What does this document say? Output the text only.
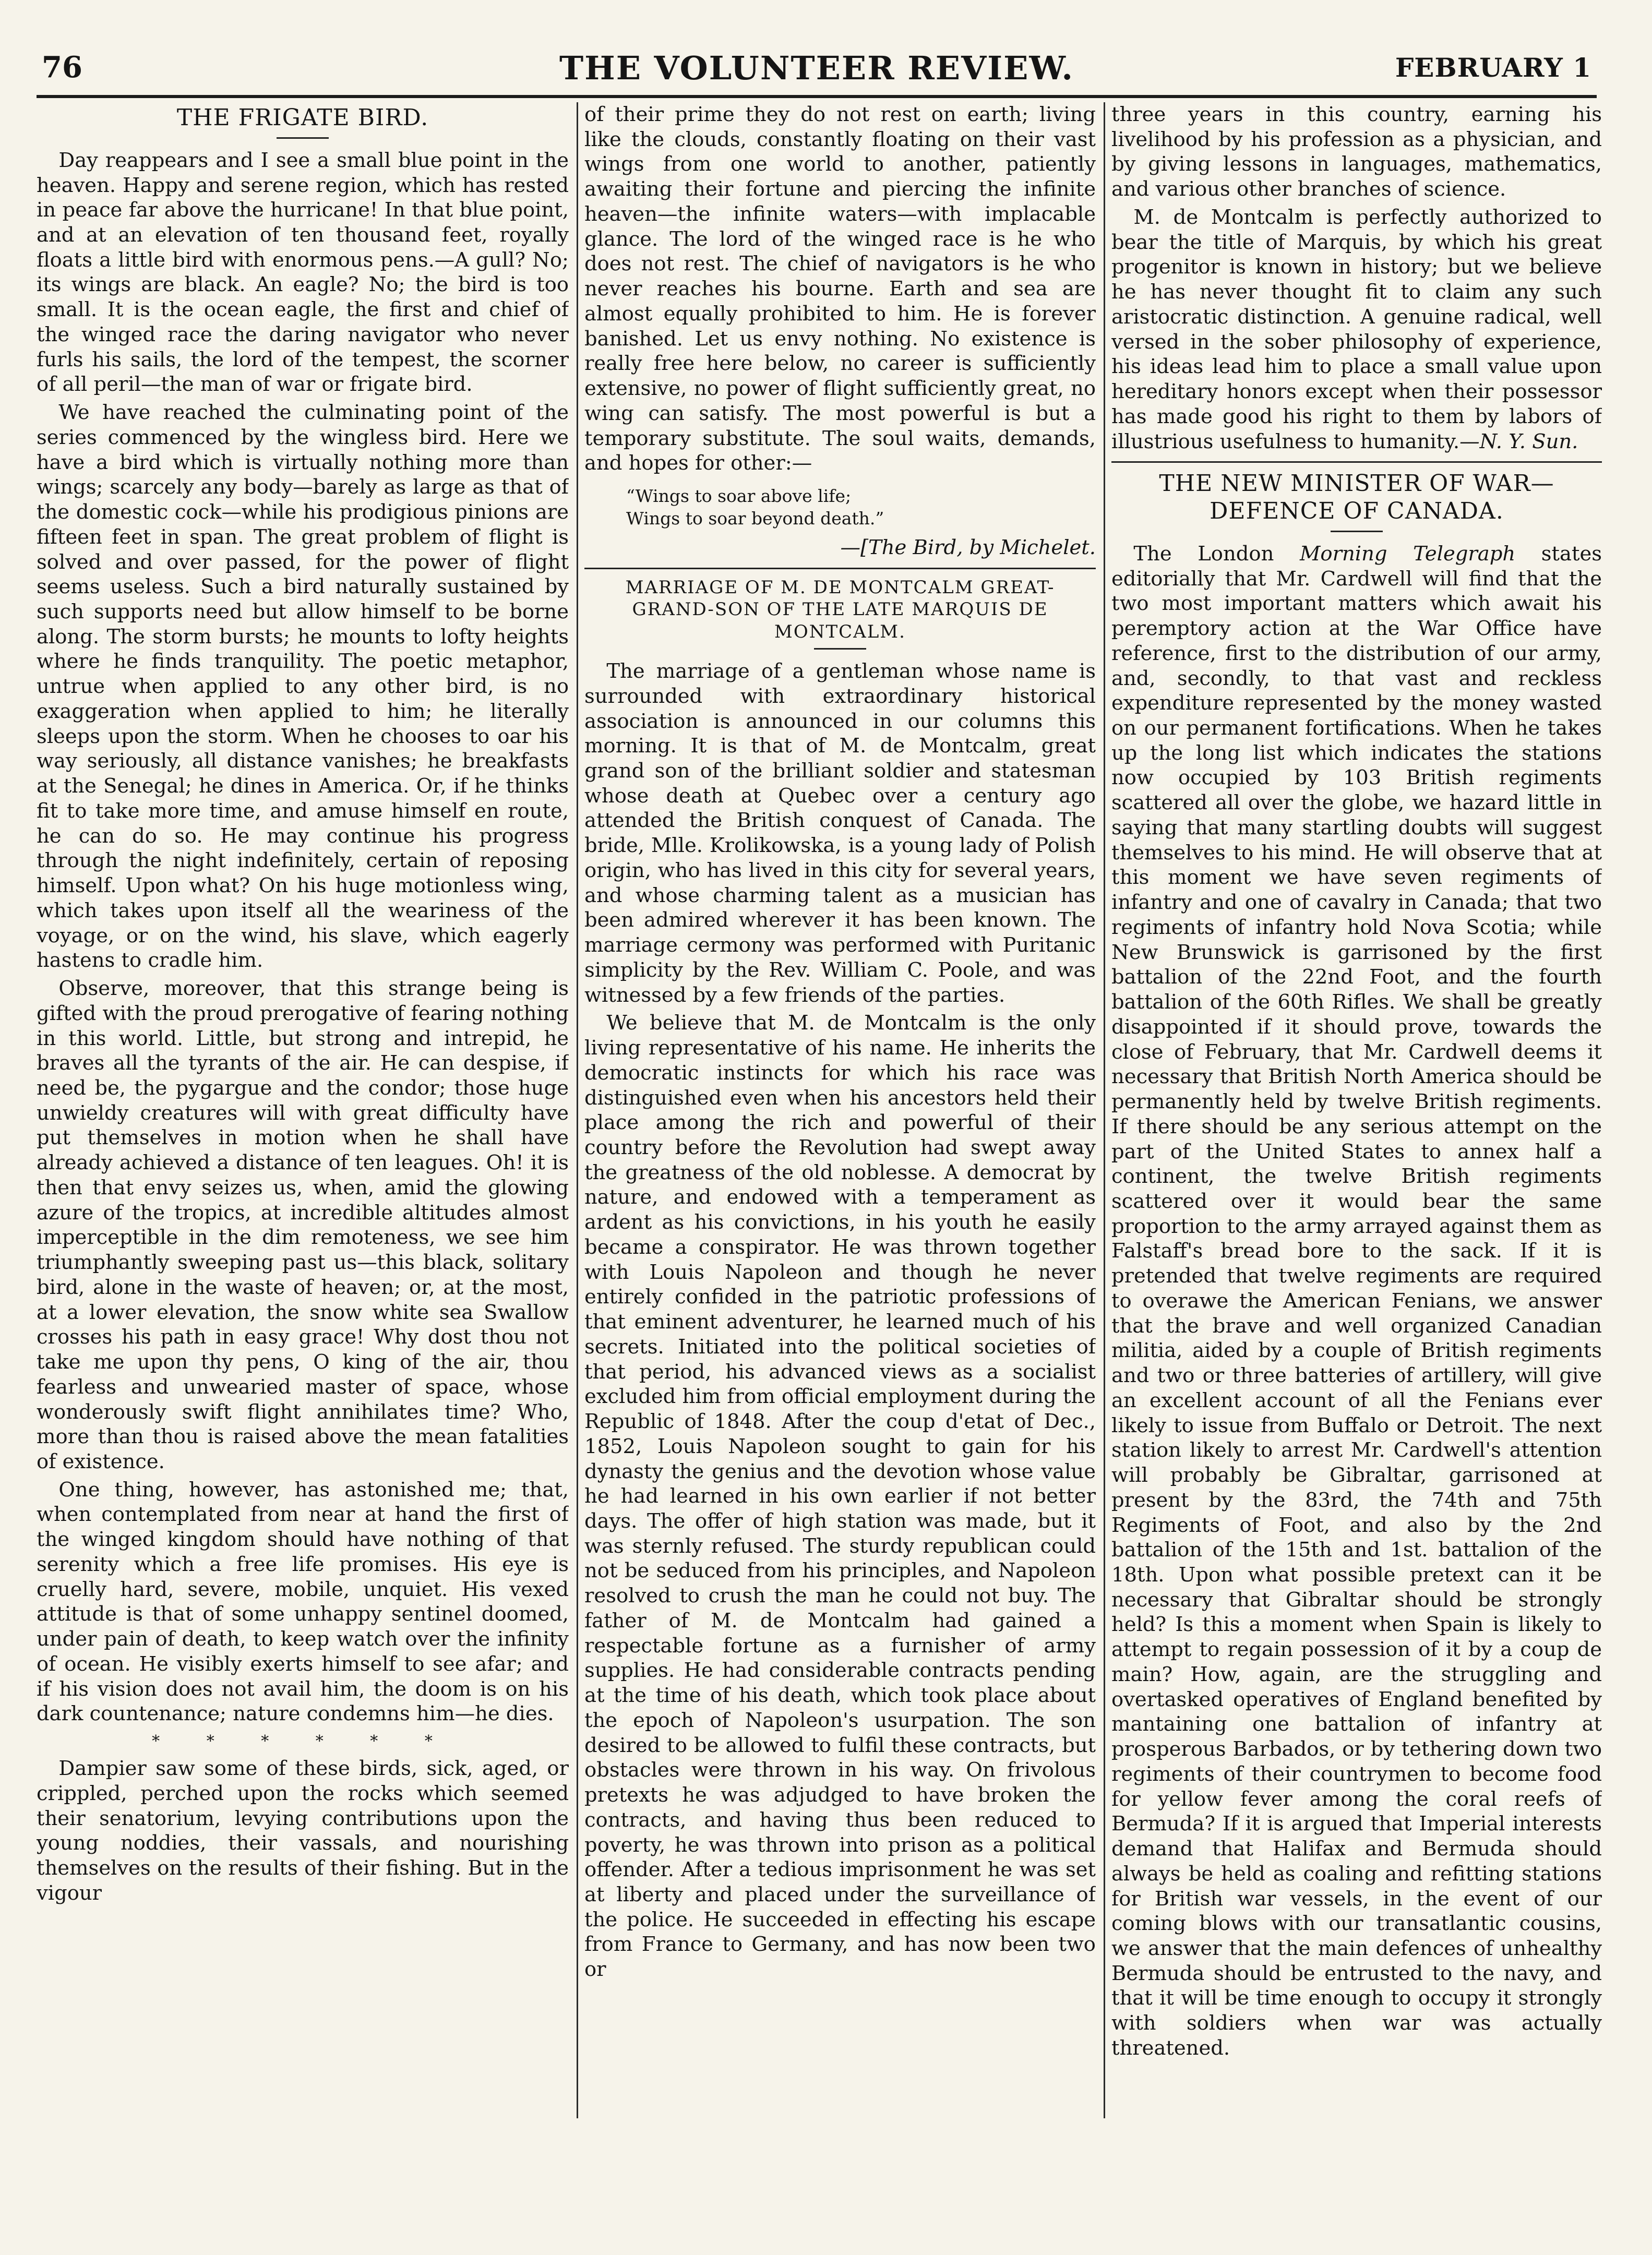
76	THE VOLUNTEER REVIEW.	FEBRUARY 1
THE FRIGATE BIRD.

Day reappears and I see a small blue point in the heaven. Happy and serene region, which has rested in peace far above the hurricane! In that blue point, and at an elevation of ten thousand feet, royally floats a little bird with enormous pens.—A gull? No; its wings are black. An eagle? No; the bird is too small. It is the ocean eagle, the first and chief of the winged race the daring navigator who never furls his sails, the lord of the tempest, the scorner of all peril—the man of war or frigate bird.

We have reached the culminating point of the series commenced by the wingless bird. Here we have a bird which is virtually nothing more than wings; scarcely any body—barely as large as that of the domestic cock—while his prodigious pinions are fifteen feet in span. The great problem of flight is solved and over passed, for the power of flight seems useless. Such a bird naturally sustained by such supports need but allow himself to be borne along. The storm bursts; he mounts to lofty heights where he finds tranquility. The poetic metaphor, untrue when applied to any other bird, is no exaggeration when applied to him; he literally sleeps upon the storm. When he chooses to oar his way seriously, all distance vanishes; he breakfasts at the Senegal; he dines in America. Or, if he thinks fit to take more time, and amuse himself en route, he can do so. He may continue his progress through the night indefinitely, certain of reposing himself. Upon what? On his huge motionless wing, which takes upon itself all the weariness of the voyage, or on the wind, his slave, which eagerly hastens to cradle him.

Observe, moreover, that this strange being is gifted with the proud prerogative of fearing nothing in this world. Little, but strong and intrepid, he braves all the tyrants of the air. He can despise, if need be, the pygargue and the condor; those huge unwieldy creatures will with great difficulty have put themselves in motion when he shall have already achieved a distance of ten leagues. Oh! it is then that envy seizes us, when, amid the glowing azure of the tropics, at incredible altitudes almost imperceptible in the dim remoteness, we see him triumphantly sweeping past us—this black, solitary bird, alone in the waste of heaven; or, at the most, at a lower elevation, the snow white sea Swallow crosses his path in easy grace! Why dost thou not take me upon thy pens, O king of the air, thou fearless and unwearied master of space, whose wonderously swift flight annihilates time? Who, more than thou is raised above the mean fatalities of existence.

One thing, however, has astonished me; that, when contemplated from near at hand the first of the winged kingdom should have nothing of that serenity which a free life promises. His eye is cruelly hard, severe, mobile, unquiet. His vexed attitude is that of some unhappy sentinel doomed, under pain of death, to keep watch over the infinity of ocean. He visibly exerts himself to see afar; and if his vision does not avail him, the doom is on his dark countenance; nature condemns him—he dies.

* * * * * *

Dampier saw some of these birds, sick, aged, or crippled, perched upon the rocks which seemed their senatorium, levying contributions upon the young noddies, their vassals, and nourishing themselves on the results of their fishing. But in the vigour

of their prime they do not rest on earth; living like the clouds, constantly floating on their vast wings from one world to another, patiently awaiting their fortune and piercing the infinite heaven—the infinite waters—with implacable glance. The lord of the winged race is he who does not rest. The chief of navigators is he who never reaches his bourne. Earth and sea are almost equally prohibited to him. He is forever banished. Let us envy nothing. No existence is really free here below, no career is sufficiently extensive, no power of flight sufficiently great, no wing can satisfy. The most powerful is but a temporary substitute. The soul waits, demands, and hopes for other:—

“Wings to soar above life;
Wings to soar beyond death.”
—[The Bird, by Michelet.
MARRIAGE OF M. DE MONTCALM GREAT-GRAND-SON OF THE LATE MARQUIS DE MONTCALM.

The marriage of a gentleman whose name is surrounded with extraordinary historical association is announced in our columns this morning. It is that of M. de Montcalm, great grand son of the brilliant soldier and statesman whose death at Quebec over a century ago attended the British conquest of Canada. The bride, Mlle. Krolikowska, is a young lady of Polish origin, who has lived in this city for several years, and whose charming talent as a musician has been admired wherever it has been known. The marriage cermony was performed with Puritanic simplicity by the Rev. William C. Poole, and was witnessed by a few friends of the parties.

We believe that M. de Montcalm is the only living representative of his name. He inherits the democratic instincts for which his race was distinguished even when his ancestors held their place among the rich and powerful of their country before the Revolution had swept away the greatness of the old noblesse. A democrat by nature, and endowed with a temperament as ardent as his convictions, in his youth he easily became a conspirator. He was thrown together with Louis Napoleon and though he never entirely confided in the patriotic professions of that eminent adventurer, he learned much of his secrets. Initiated into the political societies of that period, his advanced views as a socialist excluded him from official employment during the Republic of 1848. After the coup d'etat of Dec., 1852, Louis Napoleon sought to gain for his dynasty the genius and the devotion whose value he had learned in his own earlier if not better days. The offer of high station was made, but it was sternly refused. The sturdy republican could not be seduced from his principles, and Napoleon resolved to crush the man he could not buy. The father of M. de Montcalm had gained a respectable fortune as a furnisher of army supplies. He had considerable contracts pending at the time of his death, which took place about the epoch of Napoleon's usurpation. The son desired to be allowed to fulfil these contracts, but obstacles were thrown in his way. On frivolous pretexts he was adjudged to have broken the contracts, and having thus been reduced to poverty, he was thrown into prison as a political offender. After a tedious imprisonment he was set at liberty and placed under the surveillance of the police. He succeeded in effecting his escape from France to Germany, and has now been two or

three years in this country, earning his livelihood by his profession as a physician, and by giving lessons in languages, mathematics, and various other branches of science.

M. de Montcalm is perfectly authorized to bear the title of Marquis, by which his great progenitor is known in history; but we believe he has never thought fit to claim any such aristocratic distinction. A genuine radical, well versed in the sober philosophy of experience, his ideas lead him to place a small value upon hereditary honors except when their possessor has made good his right to them by labors of illustrious usefulness to humanity.—N. Y. Sun.

THE NEW MINISTER OF WAR—DEFENCE OF CANADA.

The London Morning Telegraph states editorially that Mr. Cardwell will find that the two most important matters which await his peremptory action at the War Office have reference, first to the distribution of our army, and, secondly, to that vast and reckless expenditure represented by the money wasted on our permanent fortifications. When he takes up the long list which indicates the stations now occupied by 103 British regiments scattered all over the globe, we hazard little in saying that many startling doubts will suggest themselves to his mind. He will observe that at this moment we have seven regiments of infantry and one of cavalry in Canada; that two regiments of infantry hold Nova Scotia; while New Brunswick is garrisoned by the first battalion of the 22nd Foot, and the fourth battalion of the 60th Rifles. We shall be greatly disappointed if it should prove, towards the close of February, that Mr. Cardwell deems it necessary that British North America should be permanently held by twelve British regiments. If there should be any serious attempt on the part of the United States to annex half a continent, the twelve British regiments scattered over it would bear the same proportion to the army arrayed against them as Falstaff's bread bore to the sack. If it is pretended that twelve regiments are required to overawe the American Fenians, we answer that the brave and well organized Canadian militia, aided by a couple of British regiments and two or three batteries of artillery, will give an excellent account of all the Fenians ever likely to issue from Buffalo or Detroit. The next station likely to arrest Mr. Cardwell's attention will probably be Gibraltar, garrisoned at present by the 83rd, the 74th and 75th Regiments of Foot, and also by the 2nd battalion of the 15th and 1st. battalion of the 18th. Upon what possible pretext can it be necessary that Gibraltar should be strongly held? Is this a moment when Spain is likely to attempt to regain possession of it by a coup de main? How, again, are the struggling and overtasked operatives of England benefited by mantaining one battalion of infantry at prosperous Barbados, or by tethering down two regiments of their countrymen to become food for yellow fever among the coral reefs of Bermuda? If it is argued that Imperial interests demand that Halifax and Bermuda should always be held as coaling and refitting stations for British war vessels, in the event of our coming blows with our transatlantic cousins, we answer that the main defences of unhealthy Bermuda should be entrusted to the navy, and that it will be time enough to occupy it strongly with soldiers when war was actually threatened.
